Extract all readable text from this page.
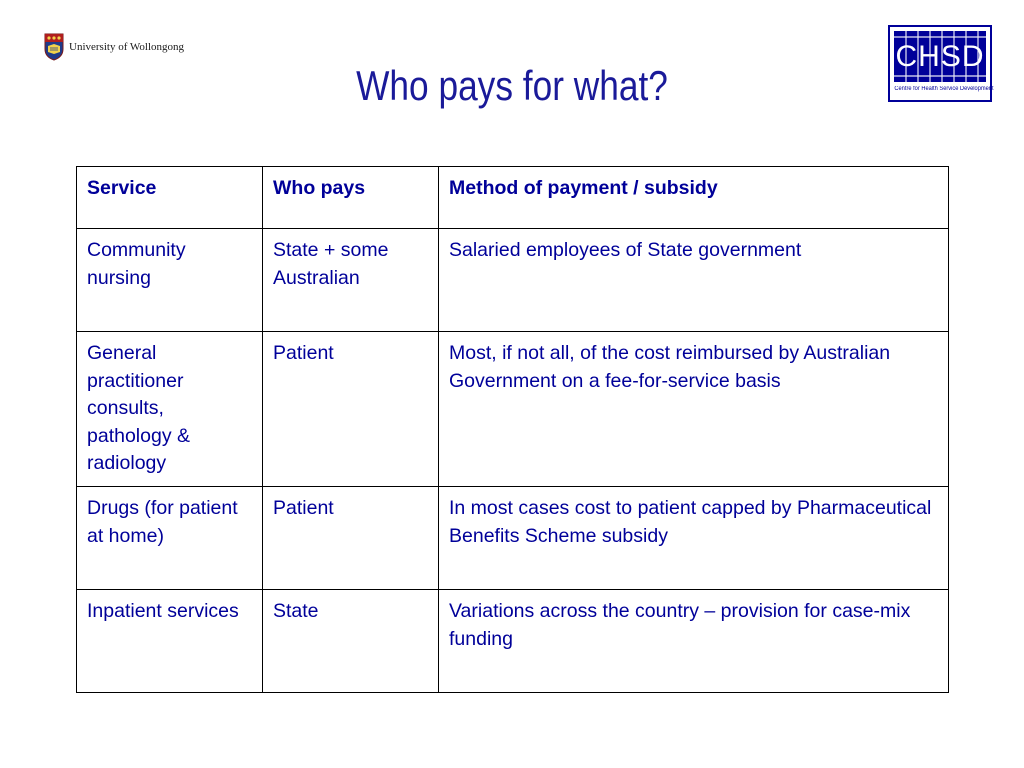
University of Wollongong
Who pays for what?
CHSD
Centre for Health Service Development
Service	Who pays	Method of payment / subsidy
Community nursing	State + some Australian	Salaried employees of State government
General practitioner consults, pathology & radiology	Patient	Most, if not all, of the cost reimbursed by Australian Government on a fee-for-service basis
Drugs (for patient at home)	Patient	In most cases cost to patient capped by Pharmaceutical Benefits Scheme subsidy
Inpatient services	State	Variations across the country – provision for case-mix funding
